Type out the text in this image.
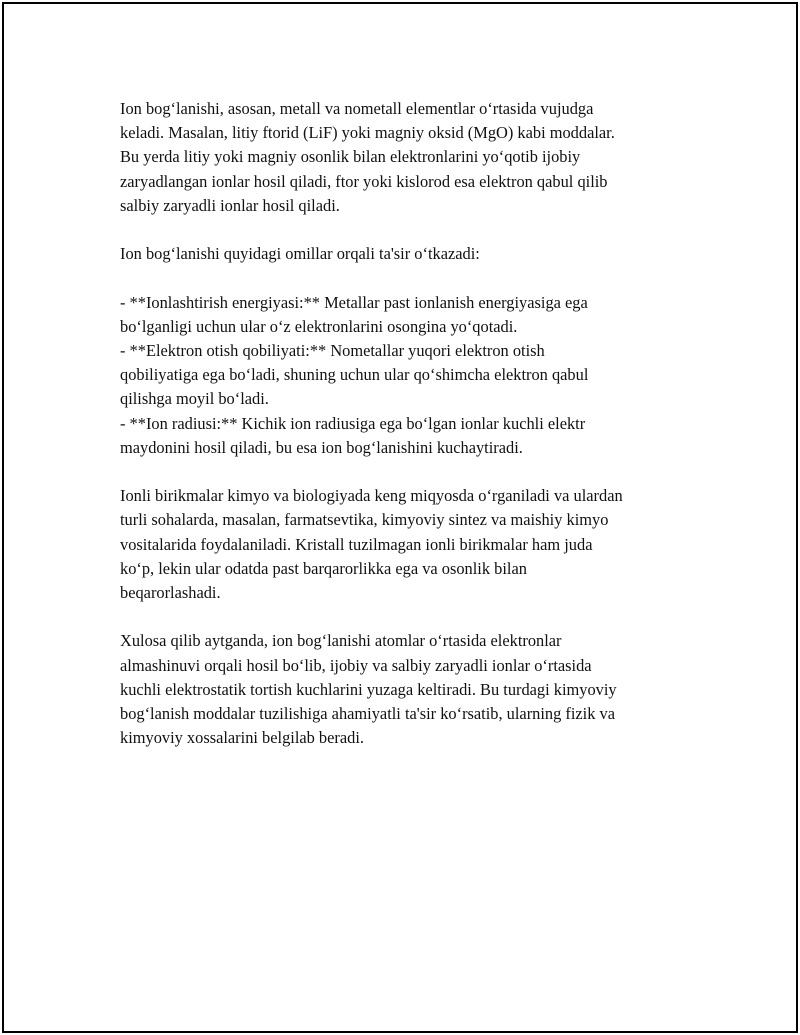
Ion bog‘lanishi, asosan, metall va nometall elementlar o‘rtasida vujudga
keladi. Masalan, litiy ftorid (LiF) yoki magniy oksid (MgO) kabi moddalar.
Bu yerda litiy yoki magniy osonlik bilan elektronlarini yo‘qotib ijobiy
zaryadlangan ionlar hosil qiladi, ftor yoki kislorod esa elektron qabul qilib
salbiy zaryadli ionlar hosil qiladi.

Ion bog‘lanishi quyidagi omillar orqali ta'sir o‘tkazadi:

- **Ionlashtirish energiyasi:** Metallar past ionlanish energiyasiga ega
bo‘lganligi uchun ular o‘z elektronlarini osongina yo‘qotadi.
- **Elektron otish qobiliyati:** Nometallar yuqori elektron otish
qobiliyatiga ega bo‘ladi, shuning uchun ular qo‘shimcha elektron qabul
qilishga moyil bo‘ladi.
- **Ion radiusi:** Kichik ion radiusiga ega bo‘lgan ionlar kuchli elektr
maydonini hosil qiladi, bu esa ion bog‘lanishini kuchaytiradi.

Ionli birikmalar kimyo va biologiyada keng miqyosda o‘rganiladi va ulardan
turli sohalarda, masalan, farmatsevtika, kimyoviy sintez va maishiy kimyo
vositalarida foydalaniladi. Kristall tuzilmagan ionli birikmalar ham juda
ko‘p, lekin ular odatda past barqarorlikka ega va osonlik bilan
beqarorlashadi.

Xulosa qilib aytganda, ion bog‘lanishi atomlar o‘rtasida elektronlar
almashinuvi orqali hosil bo‘lib, ijobiy va salbiy zaryadli ionlar o‘rtasida
kuchli elektrostatik tortish kuchlarini yuzaga keltiradi. Bu turdagi kimyoviy
bog‘lanish moddalar tuzilishiga ahamiyatli ta'sir ko‘rsatib, ularning fizik va
kimyoviy xossalarini belgilab beradi.
